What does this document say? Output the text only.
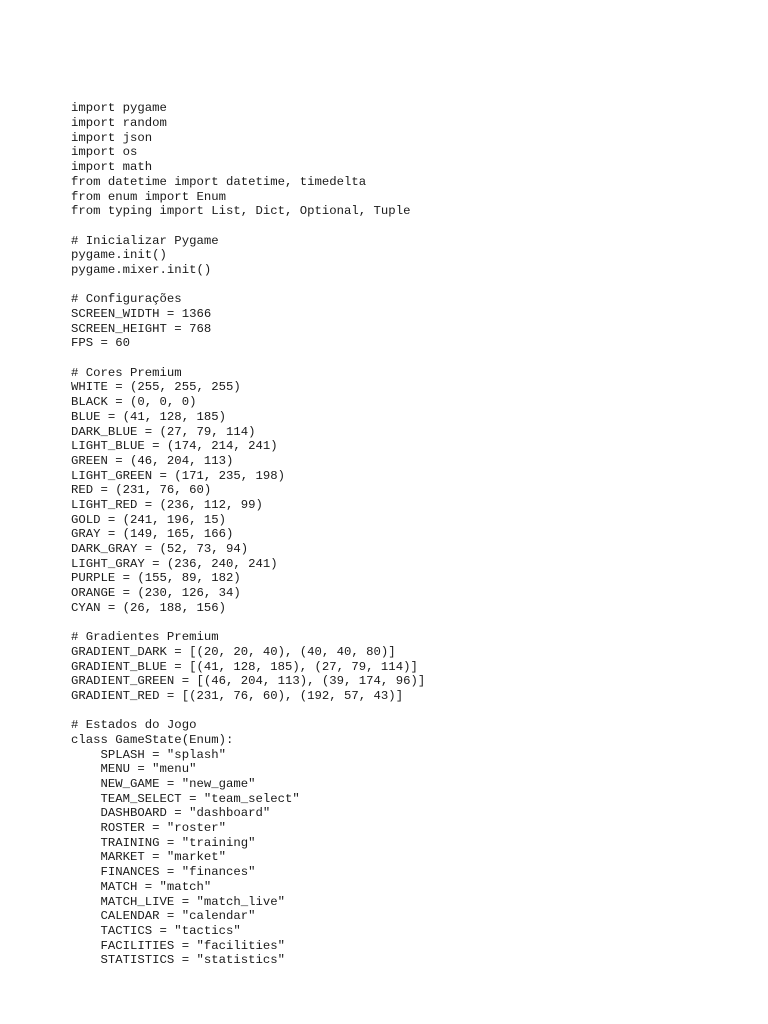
import pygame
import random
import json
import os
import math
from datetime import datetime, timedelta
from enum import Enum
from typing import List, Dict, Optional, Tuple
# Inicializar Pygame
pygame.init()
pygame.mixer.init()
# Configurações
SCREEN_WIDTH = 1366
SCREEN_HEIGHT = 768
FPS = 60
# Cores Premium
WHITE = (255, 255, 255)
BLACK = (0, 0, 0)
BLUE = (41, 128, 185)
DARK_BLUE = (27, 79, 114)
LIGHT_BLUE = (174, 214, 241)
GREEN = (46, 204, 113)
LIGHT_GREEN = (171, 235, 198)
RED = (231, 76, 60)
LIGHT_RED = (236, 112, 99)
GOLD = (241, 196, 15)
GRAY = (149, 165, 166)
DARK_GRAY = (52, 73, 94)
LIGHT_GRAY = (236, 240, 241)
PURPLE = (155, 89, 182)
ORANGE = (230, 126, 34)
CYAN = (26, 188, 156)
# Gradientes Premium
GRADIENT_DARK = [(20, 20, 40), (40, 40, 80)]
GRADIENT_BLUE = [(41, 128, 185), (27, 79, 114)]
GRADIENT_GREEN = [(46, 204, 113), (39, 174, 96)]
GRADIENT_RED = [(231, 76, 60), (192, 57, 43)]
# Estados do Jogo
class GameState(Enum):
SPLASH = "splash"
MENU = "menu"
NEW_GAME = "new_game"
TEAM_SELECT = "team_select"
DASHBOARD = "dashboard"
ROSTER = "roster"
TRAINING = "training"
MARKET = "market"
FINANCES = "finances"
MATCH = "match"
MATCH_LIVE = "match_live"
CALENDAR = "calendar"
TACTICS = "tactics"
FACILITIES = "facilities"
STATISTICS = "statistics"
